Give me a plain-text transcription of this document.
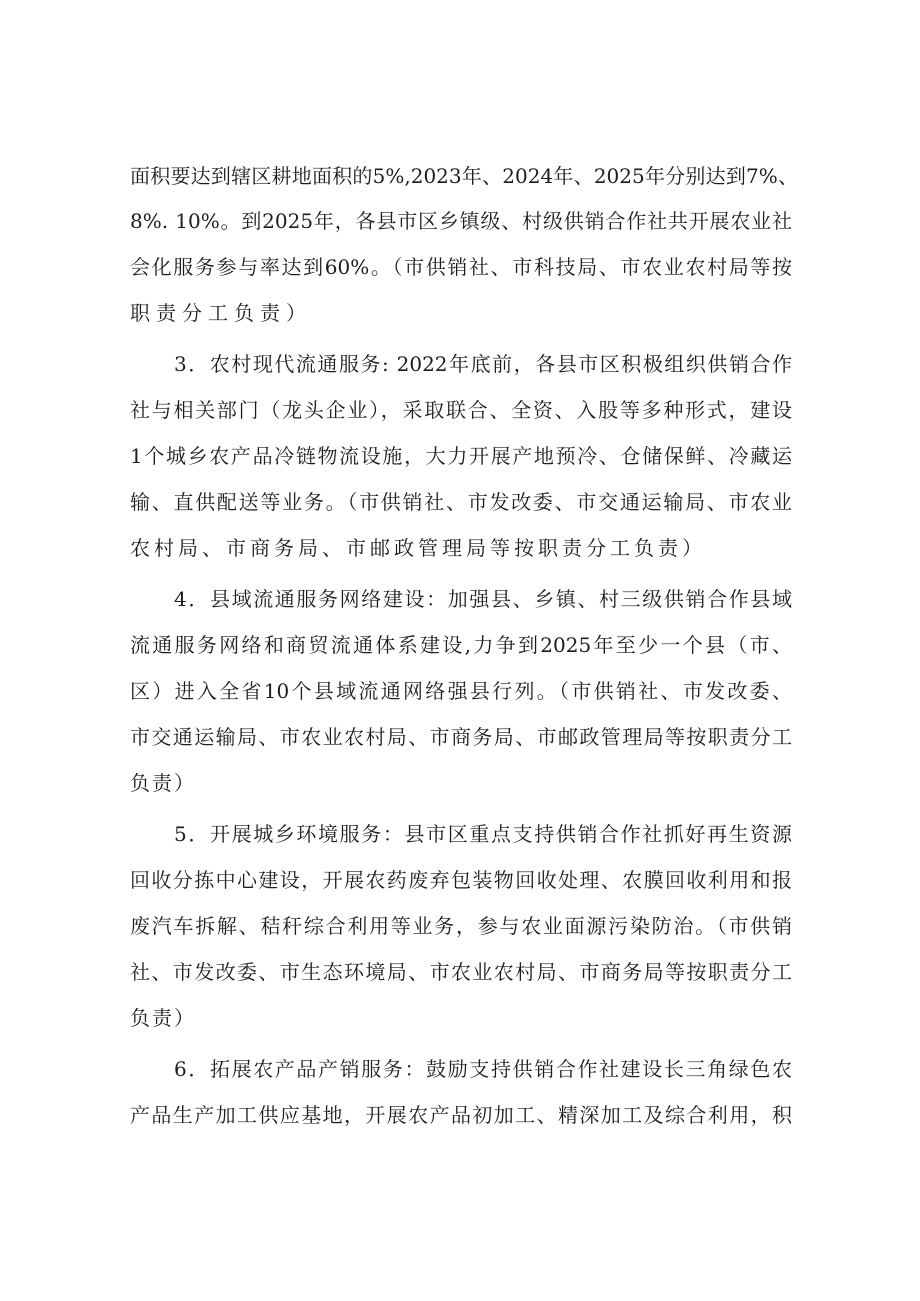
面积要达到辖区耕地面积的5%,2023年、2024年、2025年分别达到7%、
8%. 10%。到2025年，各县市区乡镇级、村级供销合作社共开展农业社
会化服务参与率达到60%。（市供销社、市科技局、市农业农村局等按
职责分工负责）
3．农村现代流通服务: 2022年底前，各县市区积极组织供销合作
社与相关部门（龙头企业），采取联合、全资、入股等多种形式，建设
1个城乡农产品冷链物流设施，大力开展产地预冷、仓储保鲜、冷藏运
输、直供配送等业务。（市供销社、市发改委、市交通运输局、市农业
农村局、市商务局、市邮政管理局等按职责分工负责）
4．县域流通服务网络建设：加强县、乡镇、村三级供销合作县域
流通服务网络和商贸流通体系建设,力争到2025年至少一个县（市、
区）进入全省10个县域流通网络强县行列。（市供销社、市发改委、
市交通运输局、市农业农村局、市商务局、市邮政管理局等按职责分工
负责）
5．开展城乡环境服务：县市区重点支持供销合作社抓好再生资源
回收分拣中心建设，开展农药废弃包装物回收处理、农膜回收利用和报
废汽车拆解、秸秆综合利用等业务，参与农业面源污染防治。（市供销
社、市发改委、市生态环境局、市农业农村局、市商务局等按职责分工
负责）
6．拓展农产品产销服务：鼓励支持供销合作社建设长三角绿色农
产品生产加工供应基地，开展农产品初加工、精深加工及综合利用，积
